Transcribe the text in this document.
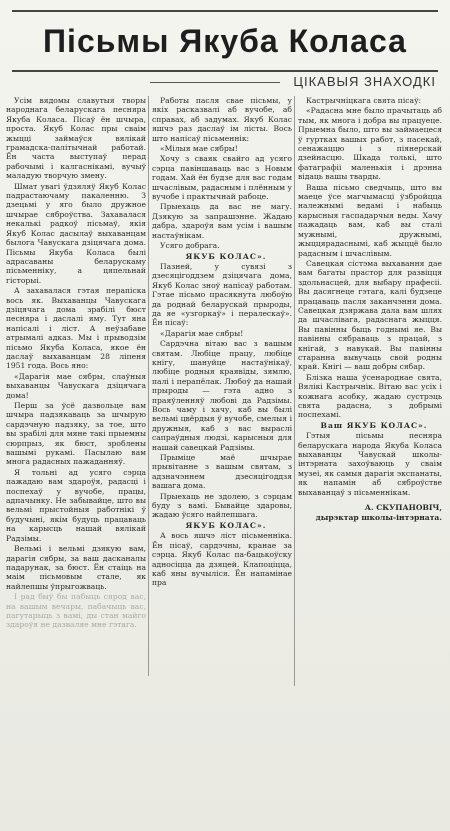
Пісьмы Якуба Коласа
ЦІКАВЫЯ ЗНАХОДКІ

Усім вядомы славутыя творы народнага беларускага песняра Якуба Коласа. Пісаў ён шчыра, проста. Якуб Колас пры сваім жыцці займаўся вялікай грамадска-палітычнай работай. Ён часта выступаў перад рабочымі і калгаснікамі, вучыў маладую творчую змену.

Шмат увагі ўдзяляў Якуб Колас падрастаючаму пакаленню. З дзецьмі у яго было дружное шчырае сяброўства. Захавалася некалькі радкоў пісьмаў, якія Якуб Колас дасылаў выхаванцам былога Чавускага дзіцячага дома. Пісьмы Якуба Коласа былі адрасаваны беларускаму пісьменніку, а цяпельнай гісторыі.

А захавалася гэтая перапіска вось як. Выхаванцы Чавускага дзіцячага дома зрабілі бюст песняра і даслалі яму. Тут яна напісалі і ліст. А неўзабаве атрымалі адказ. Мы і прыводзім пісьмо Якуба Коласа, якое ён даслаў выхаванцам 28 ліпеня 1951 года. Вось яно:

«Дарагія мае сябры, слаўныя выхаванцы Чавускага дзіцячага дома!

Перш за ўсё дазвольце вам шчыра падзякаваць за шчырую сардэчную падзяку, за тое, што вы зрабілі для мяне такі прыемны сюрпрыз, як бюст, зроблены вашымі рукамі. Пасылаю вам многа радасных пажаданняў.

Я тольні ад усяго сэрца пажадаю вам здароўя, радасці і поспехаў у вучобе, працы, адпачынку. Не забывайце, што вы вельмі прыстойныя работнікі ў будучыні, якім будуць працаваць на карысць нашай вялікай Радзімы.

Вельмі і вельмі дзякую вам, дарагія сябры, за ваш дасканалы падарунак, за бюст. Ён стаіць на маім пісьмовым стале, як найлепшы ўпрыгожваць.

І рад быў бы пабыць сярод вас, на вашым вечары, пабачыць вас, пагутарыць з вамі, ды стан майго здароўя не дазваляе мне гэтага.

Работы пасля свае пісьмы, у якіх расказвалі аб вучобе, аб справах, аб задумах. Якуб Колас яшчэ раз даслаў ім лісты. Вось што напісаў пісьменнік:

«Мілыя мае сябры!

Хочу з сваяк свайго ад усяго сэрца павіншаваць вас з Новым годам. Хай ён будзе для вас годам шчаслівым, радасным і плённым у вучобе і практычнай рабоце.

Прыехаць да вас не магу. Дзякую за запрашэнне. Жадаю дабра, здароўя вам усім і вашым настаўнікам.

Усяго добрага.

ЯКУБ КОЛАС».

Пазней, у сувязі з дзесяцігоддзем дзіцячага дома, Якуб Колас зноў напісаў работам. Гэтае пісьмо прасякнута любоўю да роднай беларускай прыроды, да яе «узгоркаў» і пералескаў». Ён пісаў:

«Дарагія мае сябры!

Сардэчна вітаю вас з вашым святам. Любіце працу, любіце кнігу, шануйце настаўнікаў, любіце родныя краявіды, зямлю, палі і перапёлак. Любоў да нашай прыроды — гэта адно з праяўленняў любові да Радзімы. Вось чаму і хачу, каб вы былі вельмі цвёрдыя ў вучобе, смелыя і дружныя, каб з вас выраслі сапраўдныя людзі, карысныя для нашай савецкай Радзімы.

Прыміце маё шчырае прывітанне з вашым святам, з адзначэннем дзесяцігоддзя вашага дома.

Прыехаць не здолею, з сэрцам буду з вамі. Бывайце здаровы, жадаю ўсяго найлепшага.

ЯКУБ КОЛАС».

А вось яшчэ ліст пісьменніка. Ён пісаў, сардэчны, кранае за сэрца. Якуб Колас па-бацькоўску адносіцца да дзяцей. Клапоціцца, каб яны вучыліся. Ён напамінае пра

Кастрычніцкага свята пісаў:

«Радасна мне было прачытаць аб тым, як многа і добра вы працуеце. Прыемна было, што вы займаецеся ў гуртках вашых работ, з пасекай, сенажаццю і з піянерскай дзейнасцю. Шкада толькі, што фатаграфіі маленькія і дрэнна відаць вашы тварды.

Ваша пісьмо сведчыць, што вы маеце ўсе магчымасці ўзбройцца належнымі ведамі і набыць карысныя гаспадарчыя веды. Хачу пажадаць вам, каб вы сталі мужнымі, дружнымі, жыццярадаснымі, каб жыццё было радасным і шчаслівым.

Савецкая сістэма выхавання дае вам багаты прастор для развіцця здольнасцей, для выбару прафесіі. Вы дасягнеце гэтага, калі будзеце працаваць пасля заканчэння дома. Савецкая дзяржава дала вам шлях да шчаслівага, радаснага жыцця. Вы павінны быць годнымі яе. Вы павінны сябраваць з працай, з кнігай, з навукай. Вы павінны старанна вывучаць свой родны край. Кнігі — ваш добры сябар.

Блізка наша ўсенароднае свята, Вялікі Кастрычнік. Вітаю вас усіх і кожнага асобку, жадаю сустрэць свята радасна, з добрымі поспехамі.

Ваш ЯКУБ КОЛАС».

Гэтыя пісьмы песняра беларускага народа Якуба Коласа выхаванцы Чавускай школы-інтэрната захоўваюць у сваім музеі, як самыя дарагія экспанаты, як напамін аб сяброўстве выхаванцаў з пісьменнікам.

А. СКУПАНОВІЧ,

дырэктар школы-інтэрната.
